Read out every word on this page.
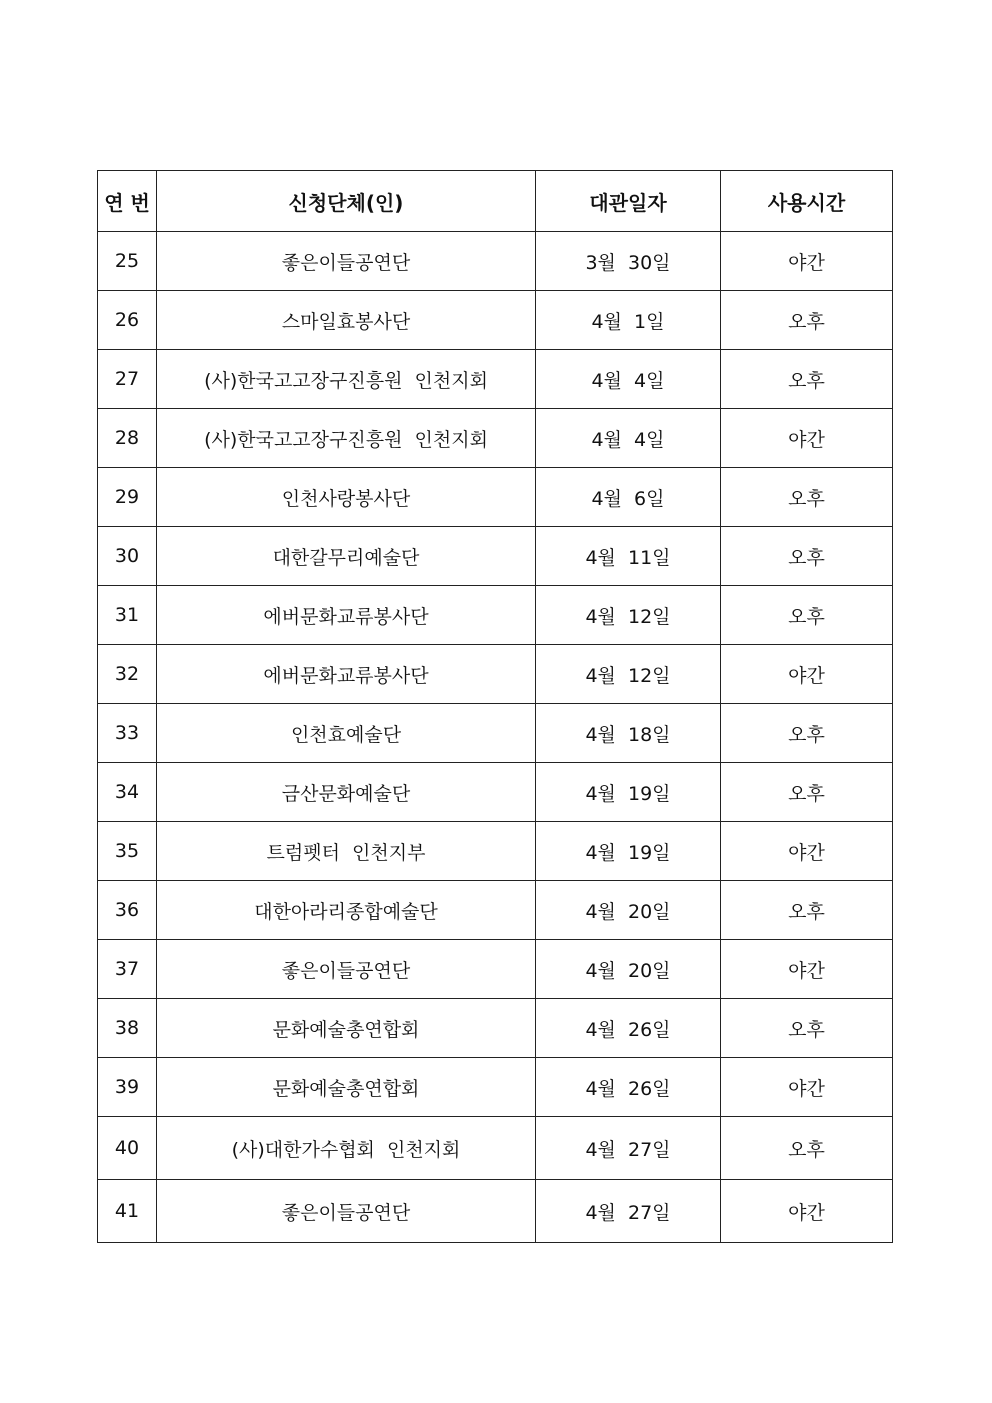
연 번	신청단체(인)	대관일자	사용시간
25	좋은이들공연단	3월  30일	야간
26	스마일효봉사단	4월  1일	오후
27	(사)한국고고장구진흥원  인천지회	4월  4일	오후
28	(사)한국고고장구진흥원  인천지회	4월  4일	야간
29	인천사랑봉사단	4월  6일	오후
30	대한갈무리예술단	4월  11일	오후
31	에버문화교류봉사단	4월  12일	오후
32	에버문화교류봉사단	4월  12일	야간
33	인천효예술단	4월  18일	오후
34	금산문화예술단	4월  19일	오후
35	트럼펫터  인천지부	4월  19일	야간
36	대한아라리종합예술단	4월  20일	오후
37	좋은이들공연단	4월  20일	야간
38	문화예술총연합회	4월  26일	오후
39	문화예술총연합회	4월  26일	야간
40	(사)대한가수협회  인천지회	4월  27일	오후
41	좋은이들공연단	4월  27일	야간
